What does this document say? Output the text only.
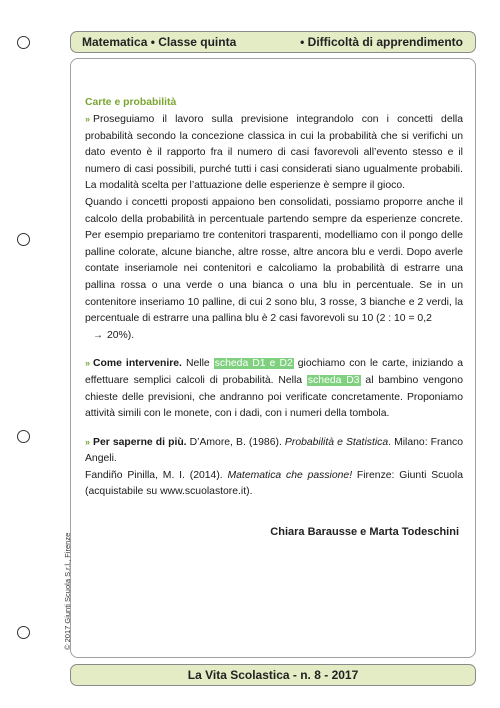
Matematica • Classe quinta	• Difficoltà di apprendimento
Carte e probabilità

» Proseguiamo il lavoro sulla previsione integrandolo con i concetti della probabilità secondo la concezione classica in cui la probabilità che si verifichi un dato evento è il rapporto fra il numero di casi favorevoli all’evento stesso e il numero di casi possibili, purché tutti i casi considerati siano ugualmente probabili. La modalità scelta per l’attuazione delle esperienze è sempre il gioco.

Quando i concetti proposti appaiono ben consolidati, possiamo proporre anche il calcolo della probabilità in percentuale partendo sempre da esperienze concrete. Per esempio prepariamo tre contenitori trasparenti, modelliamo con il pongo delle palline colorate, alcune bianche, altre rosse, altre ancora blu e verdi. Dopo averle contate inseriamole nei contenitori e calcoliamo la probabilità di estrarre una pallina rossa o una verde o una bianca o una blu in percentuale. Se in un contenitore inseriamo 10 palline, di cui 2 sono blu, 3 rosse, 3 bianche e 2 verdi, la percentuale di estrarre una pallina blu è 2 casi favorevoli su 10 (2 : 10 = 0,2
→ 20%).

» Come intervenire. Nelle scheda D1 e D2 giochiamo con le carte, iniziando a effettuare semplici calcoli di probabilità. Nella scheda D3 al bambino vengono chieste delle previsioni, che andranno poi verificate concretamente. Proponiamo attività simili con le monete, con i dadi, con i numeri della tombola.

» Per saperne di più. D’Amore, B. (1986). Probabilità e Statistica. Milano: Franco Angeli.

Fandiño Pinilla, M. I. (2014). Matematica che passione! Firenze: Giunti Scuola (acquistabile su www.scuolastore.it).

Chiara Barausse e Marta Todeschini
© 2017 Giunti Scuola S.r.l., Firenze
La Vita Scolastica - n. 8 - 2017
